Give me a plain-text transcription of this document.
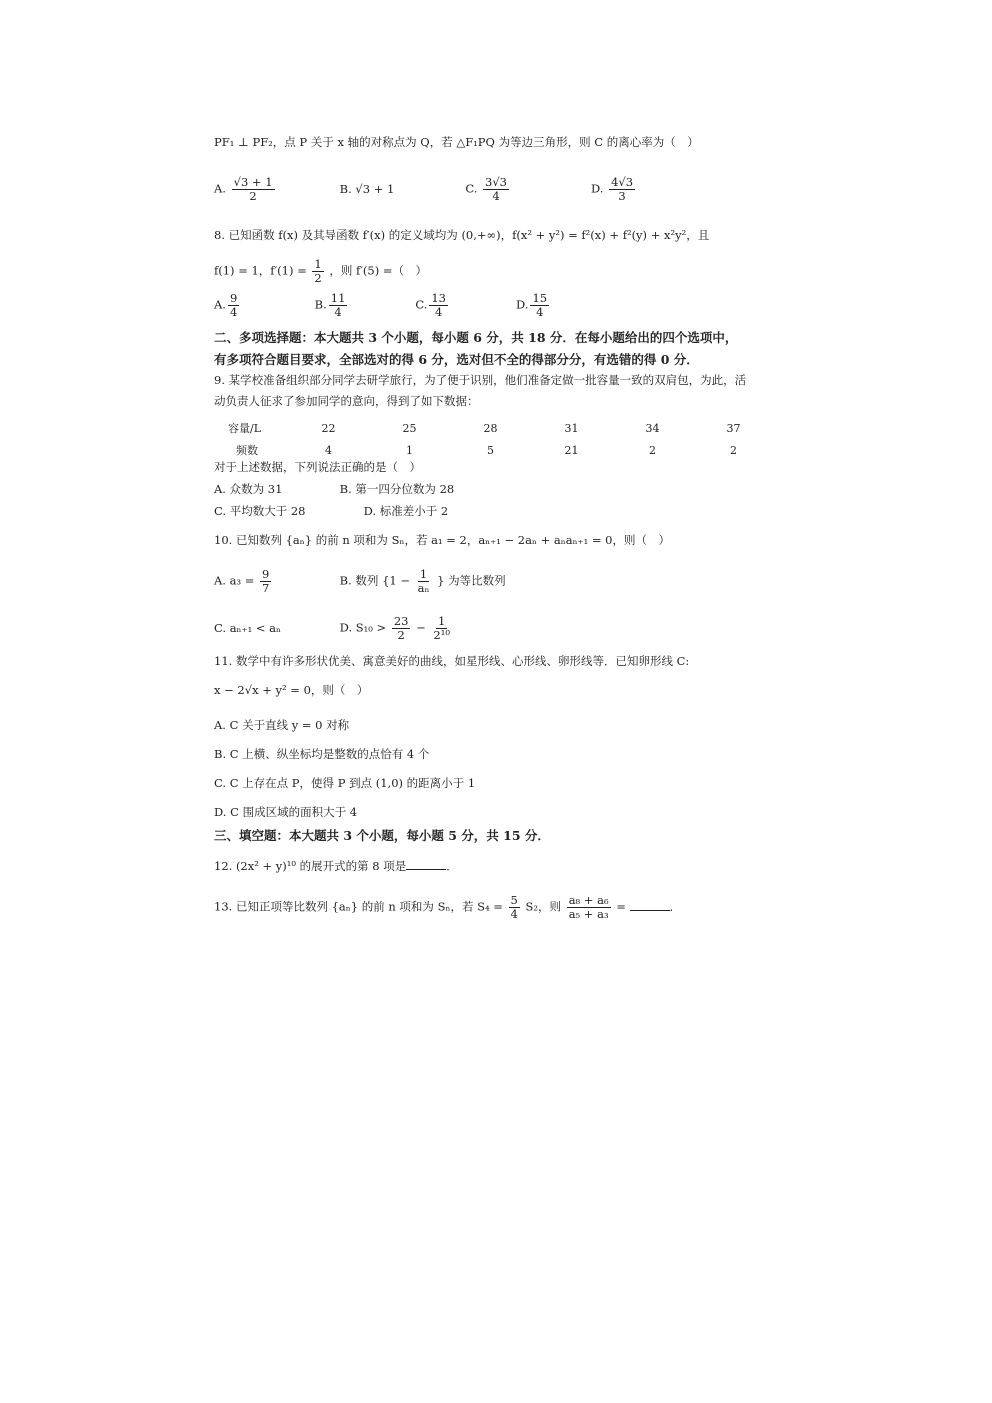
PF₁ ⊥ PF₂，点 P 关于 x 轴的对称点为 Q，若 △F₁PQ 为等边三角形，则 C 的离心率为（　）
A. $\frac{√3 + 1}{2}$	B. √3 + 1	C. $\frac{3√3}{4}$	D. $\frac{4√3}{3}$
8. 已知函数 f(x) 及其导函数 f′(x) 的定义域均为 (0,+∞)，f(x² + y²) = f²(x) + f²(y) + x²y²，且
f(1) = 1，$f'(1) = \frac{1}{2}$ ，则 f′(5) =（　）
A. $\frac{9}{4}$	B. $\frac{11}{4}$	C. $\frac{13}{4}$	D. $\frac{15}{4}$
二、多项选择题：本大题共 3 个小题，每小题 6 分，共 18 分．在每小题给出的四个选项中，
有多项符合题目要求，全部选对的得 6 分，选对但不全的得部分分，有选错的得 0 分．
9. 某学校准备组织部分同学去研学旅行，为了便于识别，他们准备定做一批容量一致的双肩包，为此，活
动负责人征求了参加同学的意向，得到了如下数据：
容量/L	22	25	28	31	34	37
频数	4	1	5	21	2	2
对于上述数据，下列说法正确的是（　）
A. 众数为 31	B. 第一四分位数为 28
C. 平均数大于 28	D. 标准差小于 2
10. 已知数列 {aₙ} 的前 n 项和为 Sₙ，若 a₁ = 2，aₙ₊₁ − 2aₙ + aₙaₙ₊₁ = 0，则（　）
A. $a_3 = \frac{9}{7}$	B. 数列 {$1 - \frac{1}{\text{aₙ}}$ } 为等比数列
C. aₙ₊₁ < aₙ	D. $S_{10} > \frac{23}{2} - \frac{1}{\text{2¹⁰}}$
11. 数学中有许多形状优美、寓意美好的曲线，如星形线、心形线、卵形线等．已知卵形线 C:
x − 2√x + y² = 0，则（　）
A. C 关于直线 y = 0 对称
B. C 上横、纵坐标均是整数的点恰有 4 个
C. C 上存在点 P，使得 P 到点 (1,0) 的距离小于 1
D. C 围成区域的面积大于 4
三、填空题：本大题共 3 个小题，每小题 5 分，共 15 分．
12. (2x² + y)¹⁰ 的展开式的第 8 项是	．
13. 已知正项等比数列 {aₙ} 的前 n 项和为 Sₙ，若 $S_4 = \frac{5}{4} S_2$，则 $\frac{\text{a₈ + a₆}}{\text{a₅ + a₃}}$ =	．
